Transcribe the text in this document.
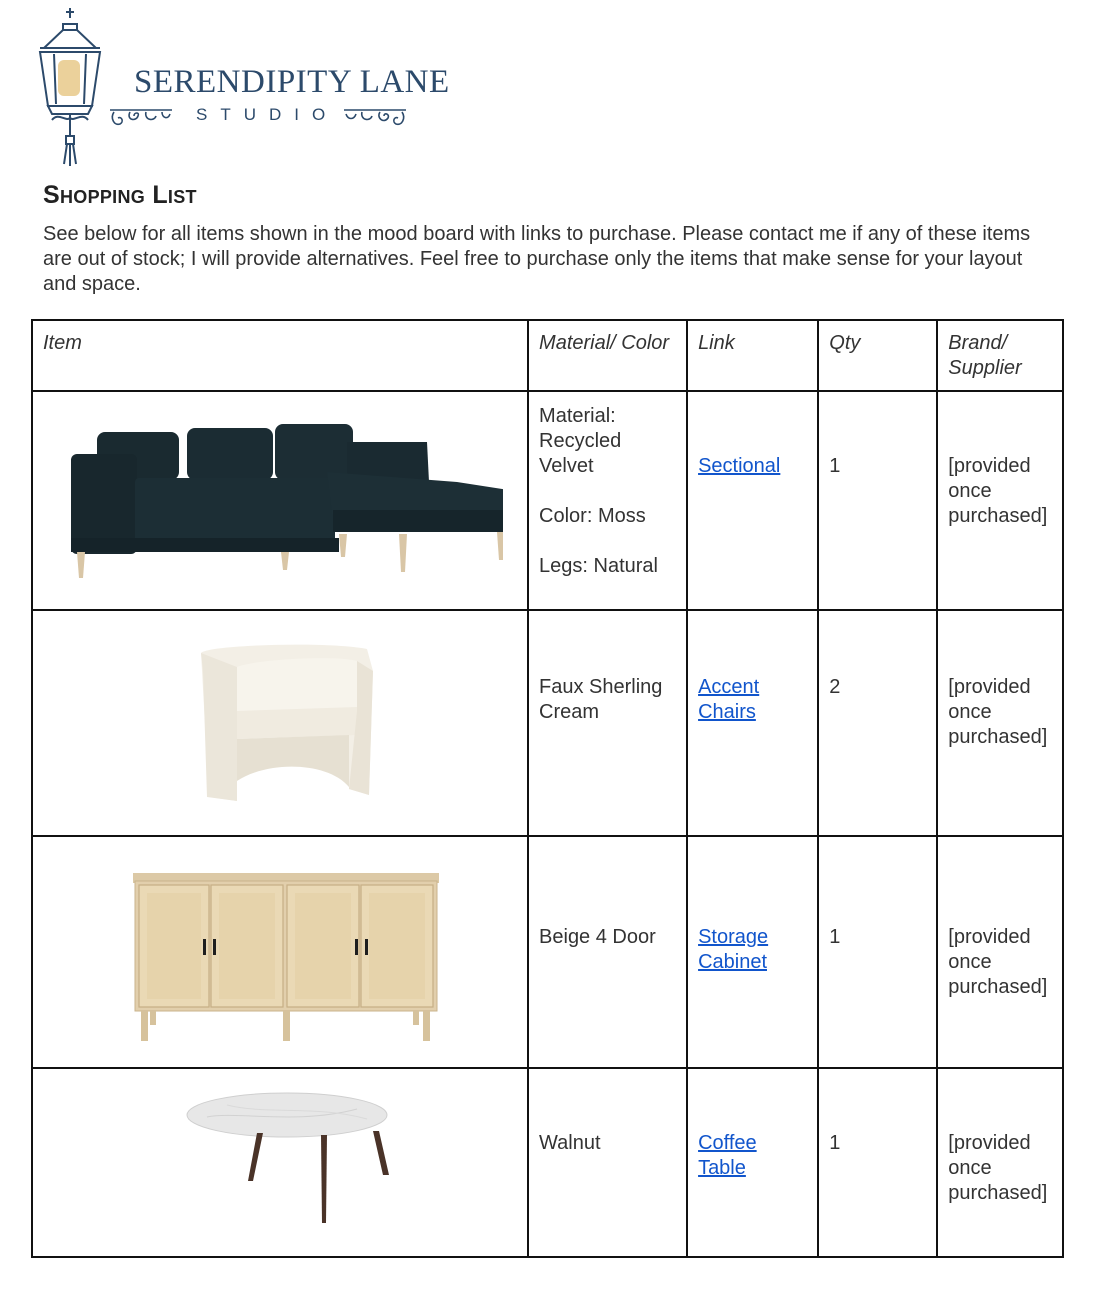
SERENDIPITY LANE
STUDIO
Shopping List
See below for all items shown in the mood board with links to purchase. Please contact me if any of these items are out of stock; I will provide alternatives. Feel free to purchase only the items that make sense for your layout and space.
Item	Material/ Color	Link	Qty	Brand/ Supplier

Material: Recycled Velvet
Color: Moss
Legs: Natural	Sectional	1	[provided once purchased]

Faux Sherling Cream	Accent Chairs	2	[provided once purchased]

Beige 4 Door	Storage Cabinet	1	[provided once purchased]

Walnut	Coffee Table	1	[provided once purchased]
